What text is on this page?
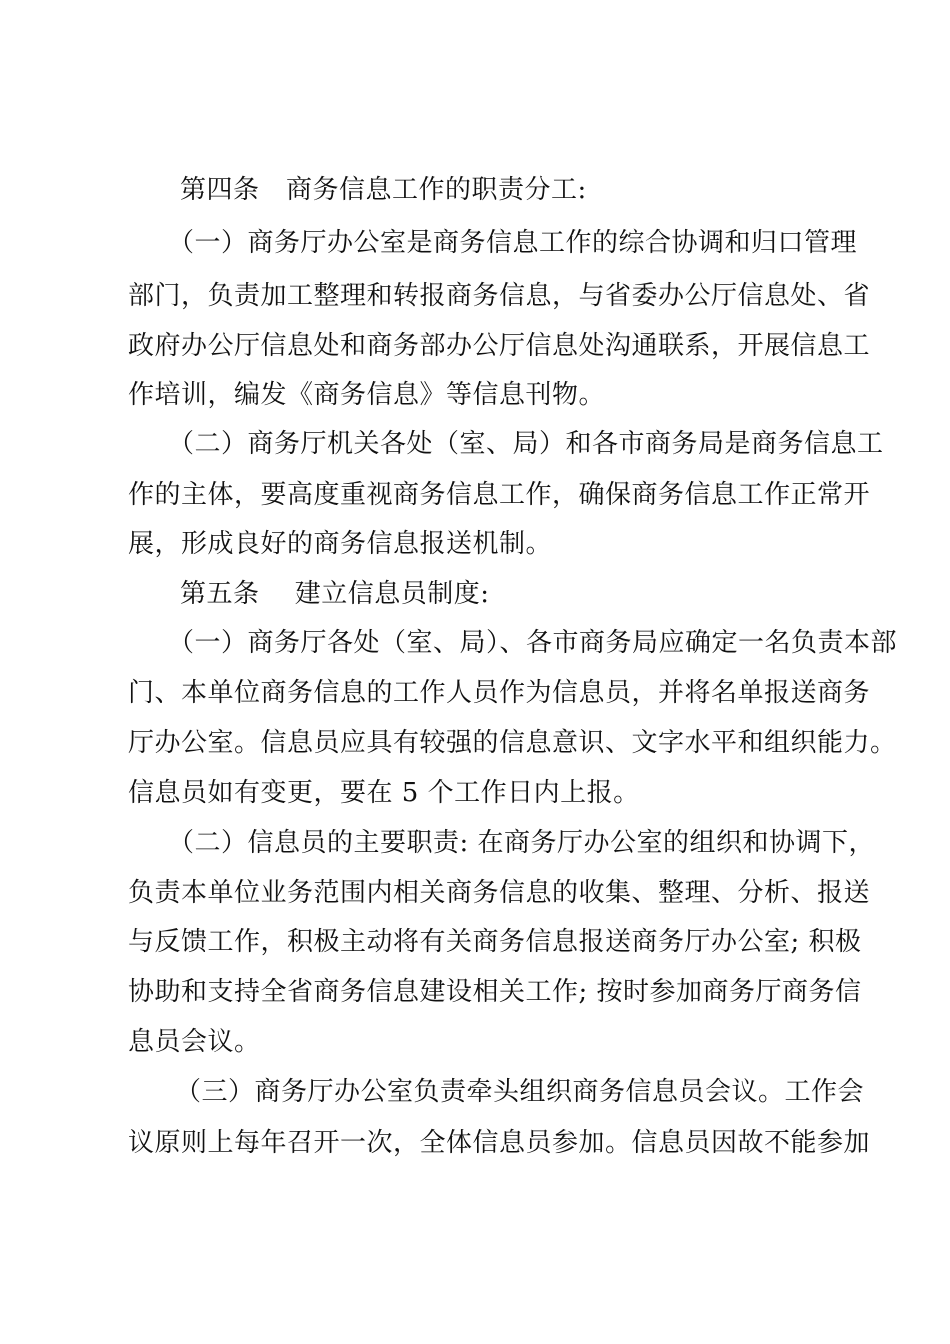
第四条　商务信息工作的职责分工:
（一）商务厅办公室是商务信息工作的综合协调和归口管理
部门，负责加工整理和转报商务信息，与省委办公厅信息处、省
政府办公厅信息处和商务部办公厅信息处沟通联系，开展信息工
作培训，编发《商务信息》等信息刊物。
（二）商务厅机关各处（室、局）和各市商务局是商务信息工
作的主体，要高度重视商务信息工作，确保商务信息工作正常开
展，形成良好的商务信息报送机制。
第五条　 建立信息员制度:
（一）商务厅各处（室、局）、各市商务局应确定一名负责本部
门、本单位商务信息的工作人员作为信息员，并将名单报送商务
厅办公室。信息员应具有较强的信息意识、文字水平和组织能力。
信息员如有变更，要在 5 个工作日内上报。
（二）信息员的主要职责: 在商务厅办公室的组织和协调下，
负责本单位业务范围内相关商务信息的收集、整理、分析、报送
与反馈工作，积极主动将有关商务信息报送商务厅办公室; 积极
协助和支持全省商务信息建设相关工作; 按时参加商务厅商务信
息员会议。
（三）商务厅办公室负责牵头组织商务信息员会议。工作会
议原则上每年召开一次，全体信息员参加。信息员因故不能参加
